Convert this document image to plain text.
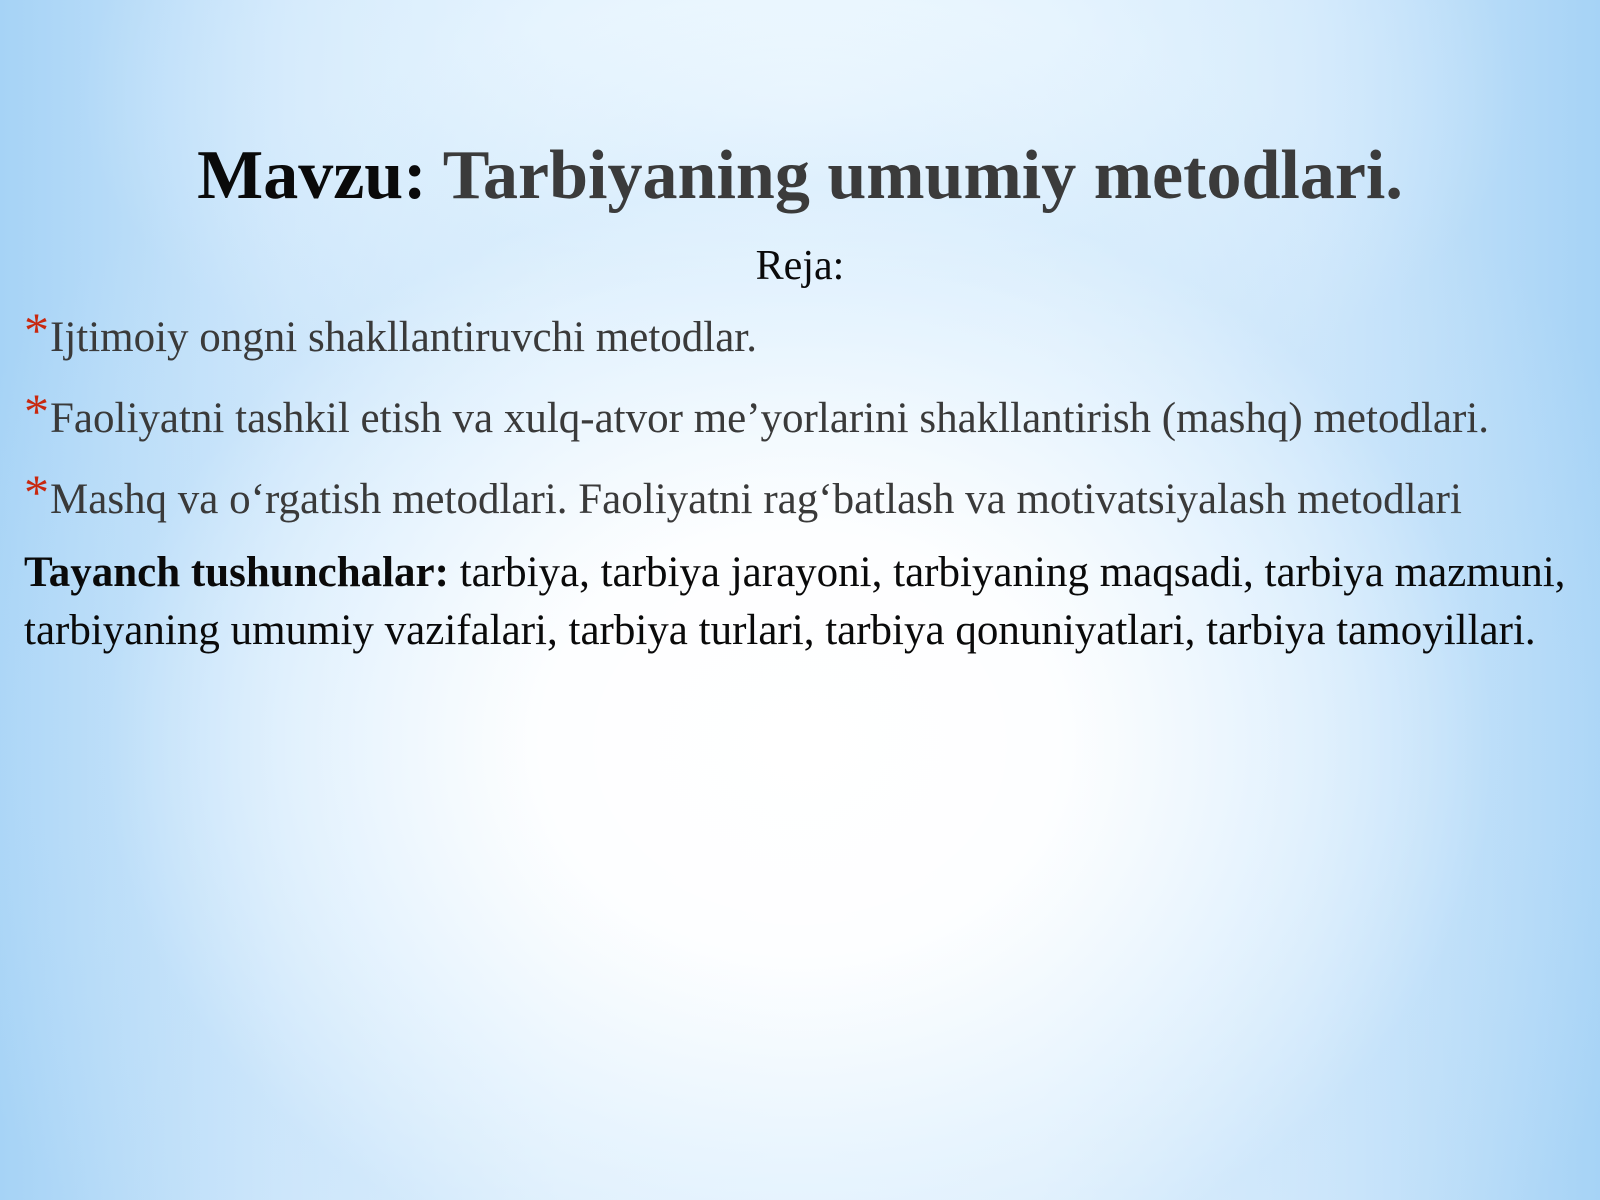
Mavzu: Tarbiyaning umumiy metodlari.
Reja:

*Ijtimoiy ongni shakllantiruvchi metodlar.

*Faoliyatni tashkil etish va xulq-atvor me’yorlarini shakllantirish (mashq) metodlari.

*Mashq va o‘rgatish metodlari. Faoliyatni rag‘batlash va motivatsiyalash metodlari

Tayanch tushunchalar: tarbiya, tarbiya jarayoni, tarbiyaning maqsadi, tarbiya mazmuni, tarbiyaning umumiy vazifalari, tarbiya turlari, tarbiya qonuniyatlari, tarbiya tamoyillari.
